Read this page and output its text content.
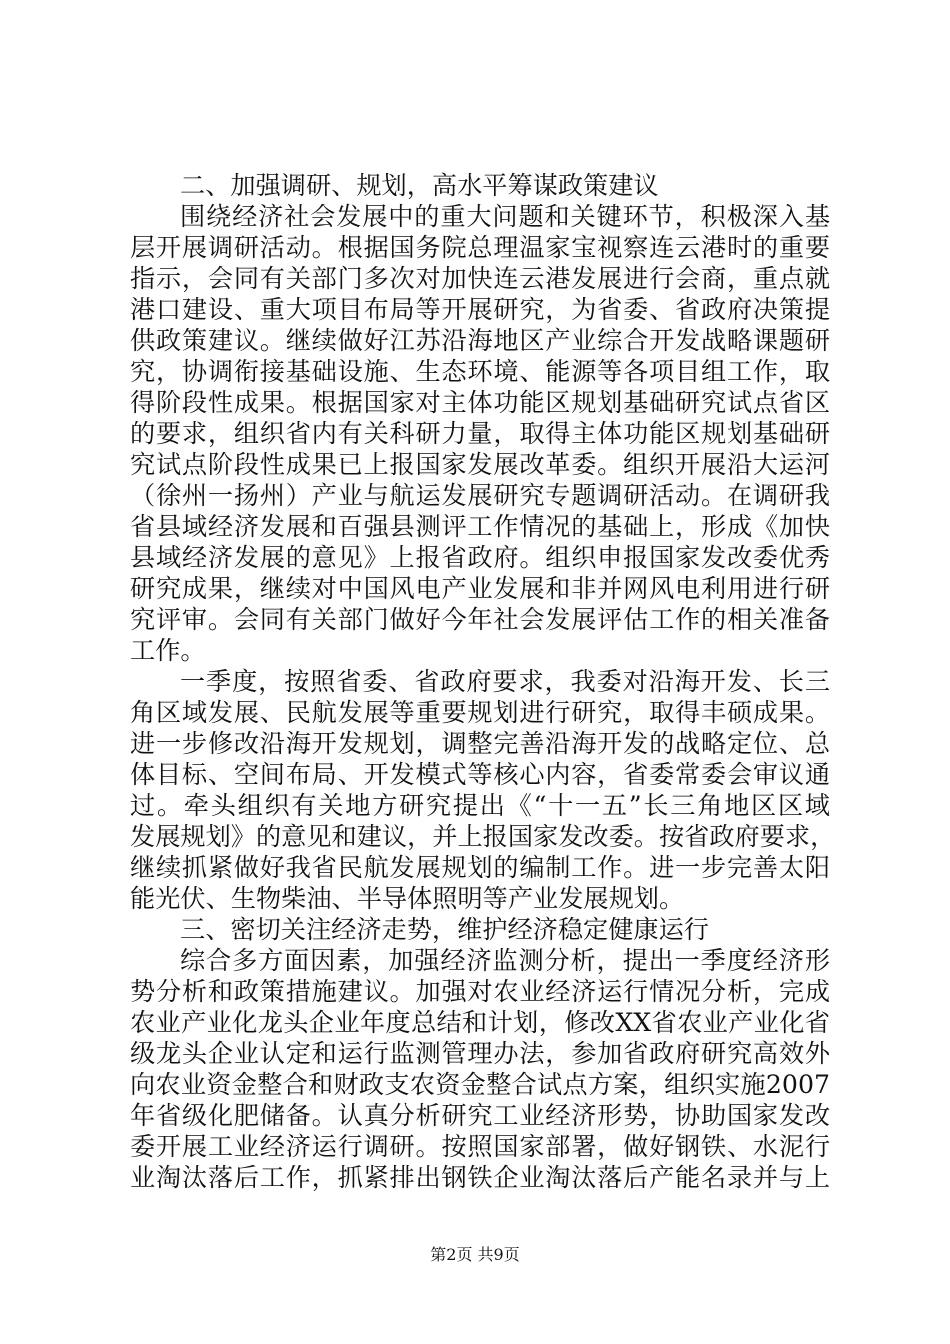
二、加强调研、规划，高水平筹谋政策建议
围绕经济社会发展中的重大问题和关键环节，积极深入基
层开展调研活动。根据国务院总理温家宝视察连云港时的重要
指示，会同有关部门多次对加快连云港发展进行会商，重点就
港口建设、重大项目布局等开展研究，为省委、省政府决策提
供政策建议。继续做好江苏沿海地区产业综合开发战略课题研
究，协调衔接基础设施、生态环境、能源等各项目组工作，取
得阶段性成果。根据国家对主体功能区规划基础研究试点省区
的要求，组织省内有关科研力量，取得主体功能区规划基础研
究试点阶段性成果已上报国家发展改革委。组织开展沿大运河
（徐州一扬州）产业与航运发展研究专题调研活动。在调研我
省县域经济发展和百强县测评工作情况的基础上，形成《加快
县域经济发展的意见》上报省政府。组织申报国家发改委优秀
研究成果，继续对中国风电产业发展和非并网风电利用进行研
究评审。会同有关部门做好今年社会发展评估工作的相关准备
工作。
一季度，按照省委、省政府要求，我委对沿海开发、长三
角区域发展、民航发展等重要规划进行研究，取得丰硕成果。
进一步修改沿海开发规划，调整完善沿海开发的战略定位、总
体目标、空间布局、开发模式等核心内容，省委常委会审议通
过。牵头组织有关地方研究提出《“十一五”长三角地区区域
发展规划》的意见和建议，并上报国家发改委。按省政府要求，
继续抓紧做好我省民航发展规划的编制工作。进一步完善太阳
能光伏、生物柴油、半导体照明等产业发展规划。
三、密切关注经济走势，维护经济稳定健康运行
综合多方面因素，加强经济监测分析，提出一季度经济形
势分析和政策措施建议。加强对农业经济运行情况分析，完成
农业产业化龙头企业年度总结和计划，修改XX省农业产业化省
级龙头企业认定和运行监测管理办法，参加省政府研究高效外
向农业资金整合和财政支农资金整合试点方案，组织实施2007
年省级化肥储备。认真分析研究工业经济形势，协助国家发改
委开展工业经济运行调研。按照国家部署，做好钢铁、水泥行
业淘汰落后工作，抓紧排出钢铁企业淘汰落后产能名录并与上
第2页 共9页
